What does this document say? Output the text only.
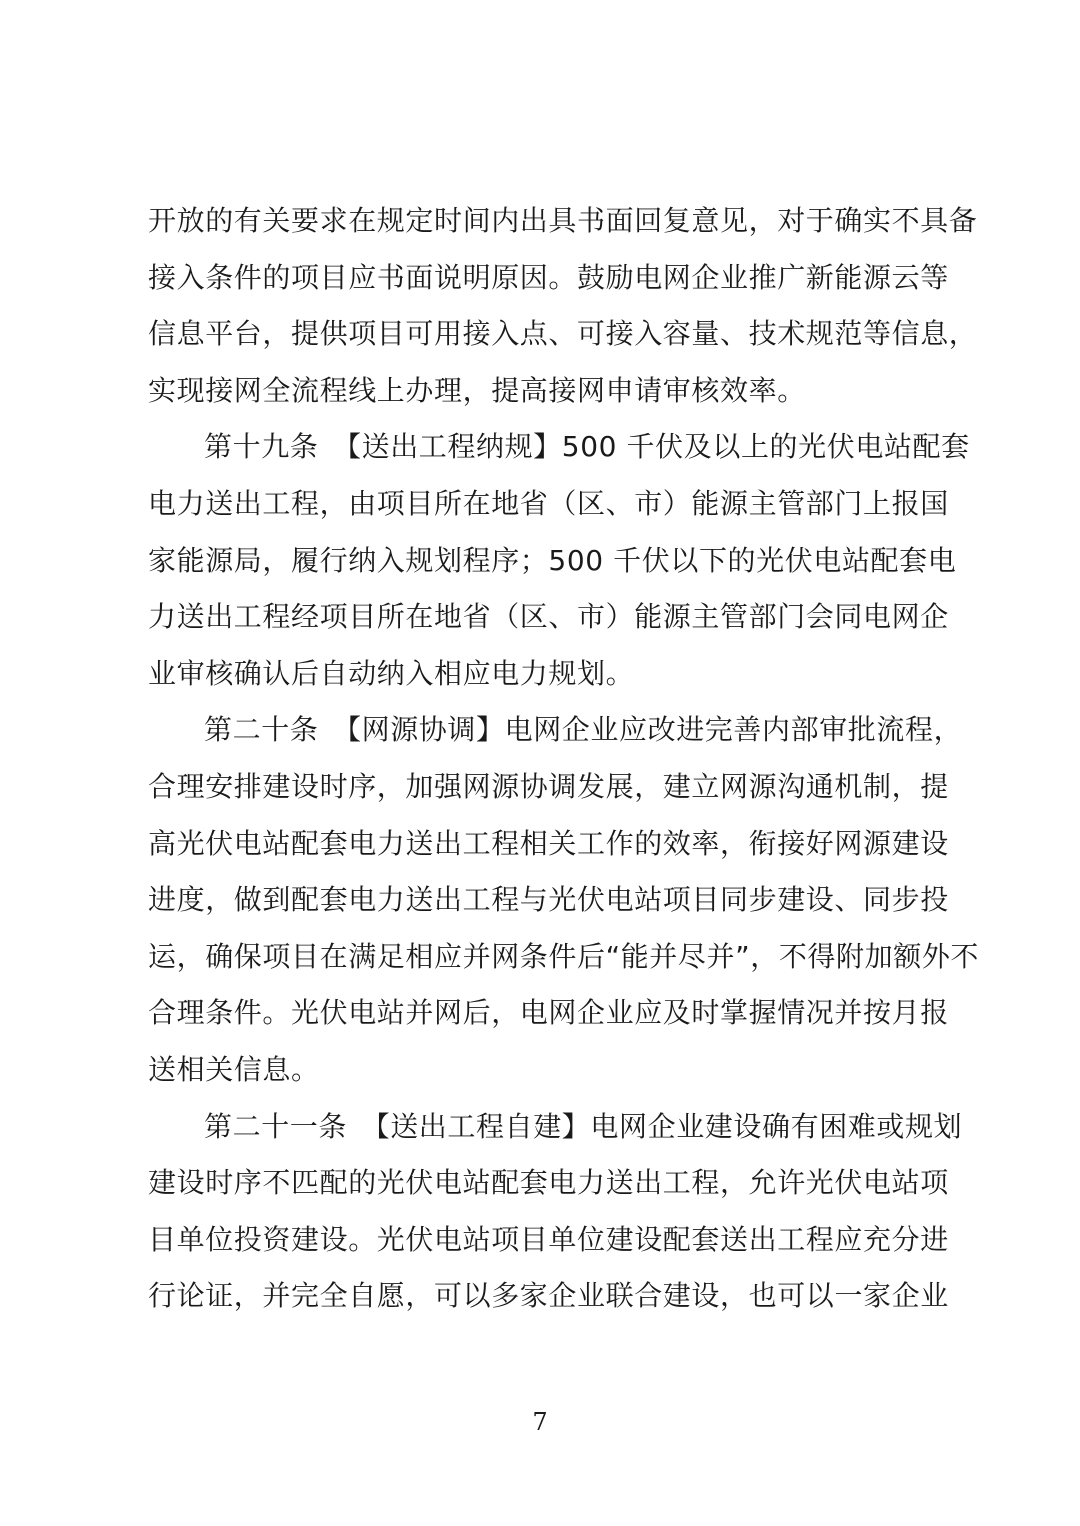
开放的有关要求在规定时间内出具书面回复意见，对于确实不具备
接入条件的项目应书面说明原因。鼓励电网企业推广新能源云等
信息平台，提供项目可用接入点、可接入容量、技术规范等信息，
实现接网全流程线上办理，提高接网申请审核效率。
第十九条　【送出工程纳规】500 千伏及以上的光伏电站配套
电力送出工程，由项目所在地省（区、市）能源主管部门上报国
家能源局，履行纳入规划程序；500 千伏以下的光伏电站配套电
力送出工程经项目所在地省（区、市）能源主管部门会同电网企
业审核确认后自动纳入相应电力规划。
第二十条　【网源协调】电网企业应改进完善内部审批流程，
合理安排建设时序，加强网源协调发展，建立网源沟通机制，提
高光伏电站配套电力送出工程相关工作的效率，衔接好网源建设
进度，做到配套电力送出工程与光伏电站项目同步建设、同步投
运，确保项目在满足相应并网条件后“能并尽并”，不得附加额外不
合理条件。光伏电站并网后，电网企业应及时掌握情况并按月报
送相关信息。
第二十一条　【送出工程自建】电网企业建设确有困难或规划
建设时序不匹配的光伏电站配套电力送出工程，允许光伏电站项
目单位投资建设。光伏电站项目单位建设配套送出工程应充分进
行论证，并完全自愿，可以多家企业联合建设，也可以一家企业
7
